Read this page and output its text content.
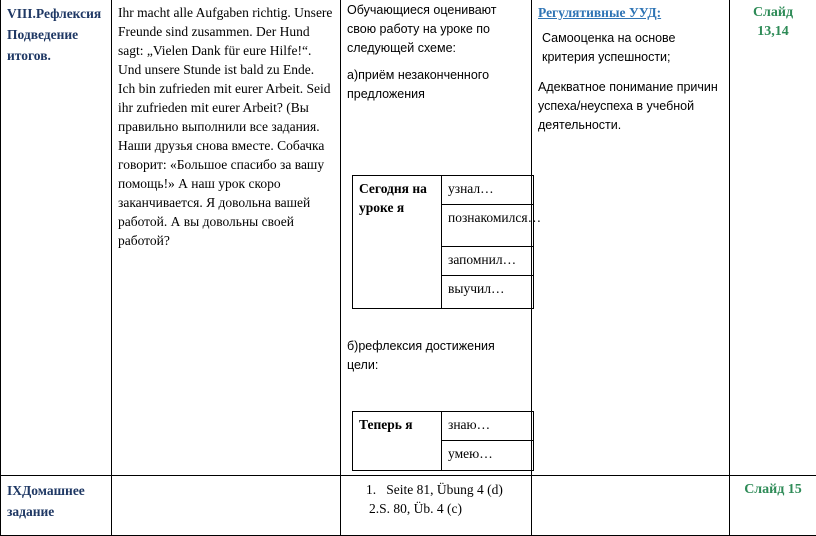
VIII.Рефлексия Подведение итогов.

Ihr macht alle Aufgaben richtig. Unsere Freunde sind zusammen. Der Hund sagt: „Vielen Dank für eure Hilfe!“. Und unsere Stunde ist bald zu Ende. Ich bin zufrieden mit eurer Arbeit. Seid ihr zufrieden mit eurer Arbeit? (Вы правильно выполнили все задания. Наши друзья снова вместе. Собачка говорит: «Большое спасибо за вашу помощь!» А наш урок скоро заканчивается. Я довольна вашей работой. А вы довольны своей работой?

Обучающиеся оценивают свою работу на уроке по следующей схеме:
а)приём незаконченного предложения
Сегодня на уроке я	узнал…
познакомился…
запомнил…
выучил…
б)рефлексия достижения цели:
Теперь я	знаю…
умею…

Регулятивные УУД:
Самооценка на основе критерия успешности;
Адекватное понимание причин успеха/неуспеха в учебной деятельности.

Слайд 13,14

IXДомашнее задание

1.   Seite 81, Übung 4 (d)
2.S. 80, Üb. 4 (c)

Слайд 15
